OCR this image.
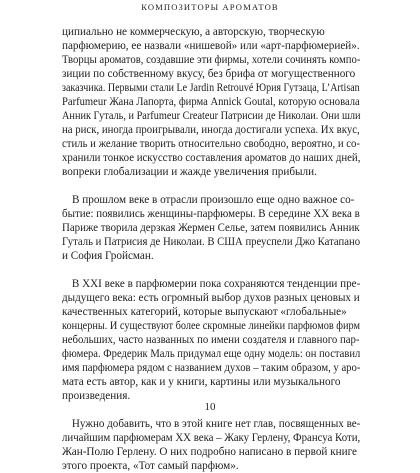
КОМПОЗИТОРЫ АРОМАТОВ
ципиально не коммерческую, а авторскую, творческую
парфюмерию, ее назвали «нишевой» или «арт-парфюмерией».
Творцы ароматов, создавшие эти фирмы, хотели сочинять компо-
зиции по собственному вкусу, без брифа от могущественного
заказчика. Первыми стали Le Jardin Retrouvé Юрия Гутзаца, L’Artisan
Parfumeur Жана Лапорта, фирма Annick Goutal, которую основала
Анник Гуталь, и Parfumeur Createur Патрисии де Николаи. Они шли
на риск, иногда проигрывали, иногда достигали успеха. Их вкус,
стиль и желание творить относительно свободно, вероятно, и со-
хранили тонкое искусство составления ароматов до наших дней,
вопреки глобализации и жажде увеличения прибыли.
В прошлом веке в отрасли произошло еще одно важное со-
бытие: появились женщины-парфюмеры. В середине XX века в
Париже творила дерзкая Жермен Селье, затем появились Анник
Гуталь и Патрисия де Николаи. В США преуспели Джо Катапано
и София Гройсман.
В XXI веке в парфюмерии пока сохраняются тенденции пре-
дыдущего века: есть огромный выбор духов разных ценовых и
качественных категорий, которые выпускают «глобальные»
концерны. И существуют более скромные линейки парфюмов фирм
небольших, часто названных по имени создателя и главного пар-
фюмера. Фредерик Маль придумал еще одну модель: он поставил
имя парфюмера рядом с названием духов – таким образом, у аро-
мата есть автор, как и у книги, картины или музыкального
произведения.
Нужно добавить, что в этой книге нет глав, посвященных ве-
личайшим парфюмерам XX века – Жаку Герлену, Франсуа Коти,
Жан-Полю Герлену. О них подробно написано в первой книге
этого проекта, «Тот самый парфюм».
10
